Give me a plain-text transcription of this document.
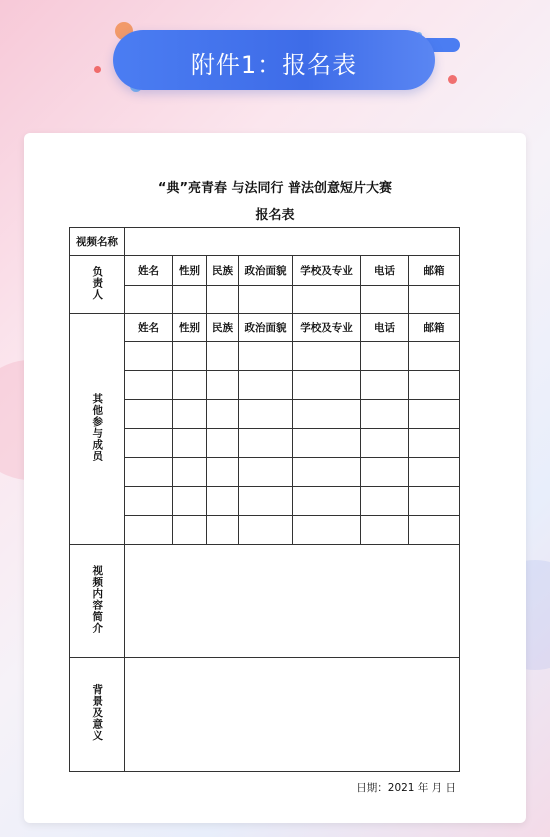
附件1：报名表
“典”亮青春 与法同行 普法创意短片大赛
报名表
视频名称							
负责人	姓名	性别	民族	政治面貌	学校及专业	电话	邮箱

其他参与成员	姓名	性别	民族	政治面貌	学校及专业	电话	邮箱

视频内容简介							
背景及意义							
日期：2021 年 月 日
